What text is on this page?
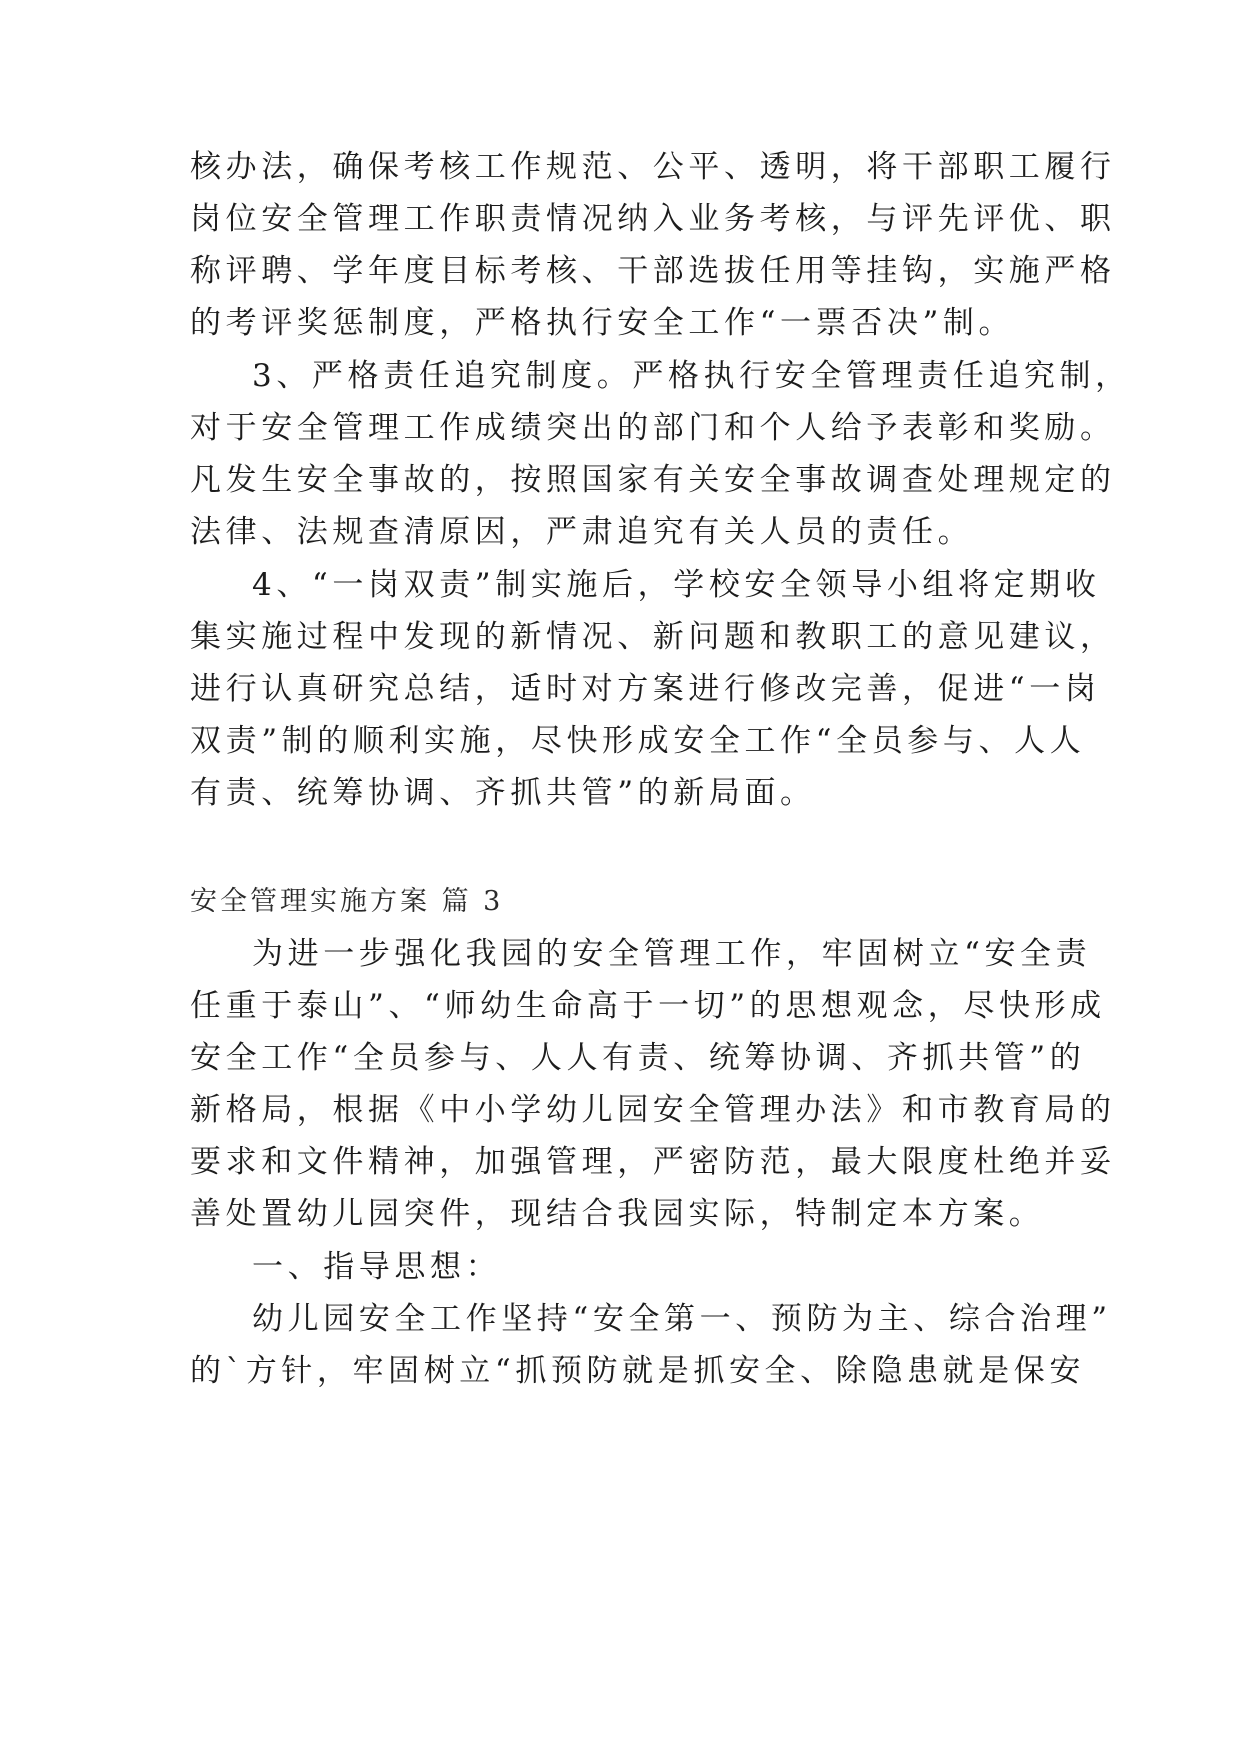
核办法，确保考核工作规范、公平、透明，将干部职工履行
岗位安全管理工作职责情况纳入业务考核，与评先评优、职
称评聘、学年度目标考核、干部选拔任用等挂钩，实施严格
的考评奖惩制度，严格执行安全工作“一票否决”制。
3、严格责任追究制度。严格执行安全管理责任追究制，
对于安全管理工作成绩突出的部门和个人给予表彰和奖励。
凡发生安全事故的，按照国家有关安全事故调查处理规定的
法律、法规查清原因，严肃追究有关人员的责任。
4、“一岗双责”制实施后，学校安全领导小组将定期收
集实施过程中发现的新情况、新问题和教职工的意见建议，
进行认真研究总结，适时对方案进行修改完善，促进“一岗
双责”制的顺利实施，尽快形成安全工作“全员参与、人人
有责、统筹协调、齐抓共管”的新局面。
安全管理实施方案 篇 3
为进一步强化我园的安全管理工作，牢固树立“安全责
任重于泰山”、“师幼生命高于一切”的思想观念，尽快形成
安全工作“全员参与、人人有责、统筹协调、齐抓共管”的
新格局，根据《中小学幼儿园安全管理办法》和市教育局的
要求和文件精神，加强管理，严密防范，最大限度杜绝并妥
善处置幼儿园突件，现结合我园实际，特制定本方案。
一、指导思想：
幼儿园安全工作坚持“安全第一、预防为主、综合治理”
的`方针，牢固树立“抓预防就是抓安全、除隐患就是保安
